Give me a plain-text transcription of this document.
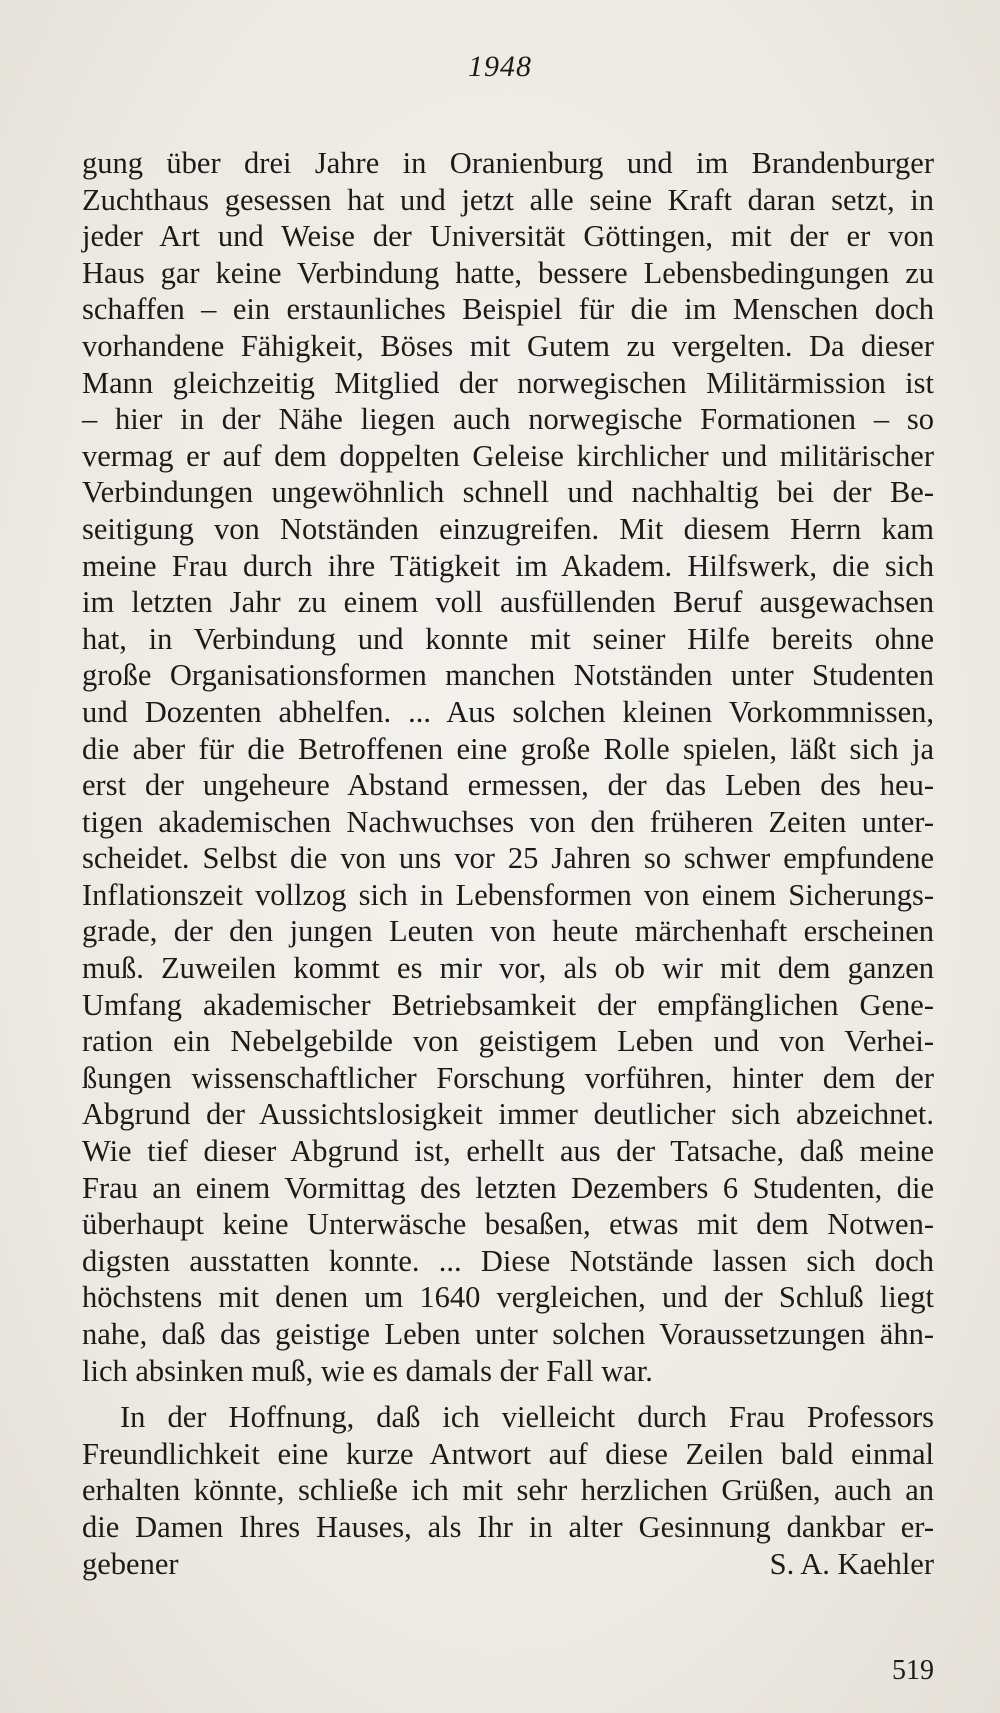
1948
gung über drei Jahre in Oranienburg und im Brandenburger
Zuchthaus gesessen hat und jetzt alle seine Kraft daran setzt, in
jeder Art und Weise der Universität Göttingen, mit der er von
Haus gar keine Verbindung hatte, bessere Lebensbedingungen zu
schaffen – ein erstaunliches Beispiel für die im Menschen doch
vorhandene Fähigkeit, Böses mit Gutem zu vergelten. Da dieser
Mann gleichzeitig Mitglied der norwegischen Militärmission ist
– hier in der Nähe liegen auch norwegische Formationen – so
vermag er auf dem doppelten Geleise kirchlicher und militärischer
Verbindungen ungewöhnlich schnell und nachhaltig bei der Be-
seitigung von Notständen einzugreifen. Mit diesem Herrn kam
meine Frau durch ihre Tätigkeit im Akadem. Hilfswerk, die sich
im letzten Jahr zu einem voll ausfüllenden Beruf ausgewachsen
hat, in Verbindung und konnte mit seiner Hilfe bereits ohne
große Organisationsformen manchen Notständen unter Studenten
und Dozenten abhelfen. ... Aus solchen kleinen Vorkommnissen,
die aber für die Betroffenen eine große Rolle spielen, läßt sich ja
erst der ungeheure Abstand ermessen, der das Leben des heu-
tigen akademischen Nachwuchses von den früheren Zeiten unter-
scheidet. Selbst die von uns vor 25 Jahren so schwer empfundene
Inflationszeit vollzog sich in Lebensformen von einem Sicherungs-
grade, der den jungen Leuten von heute märchenhaft erscheinen
muß. Zuweilen kommt es mir vor, als ob wir mit dem ganzen
Umfang akademischer Betriebsamkeit der empfänglichen Gene-
ration ein Nebelgebilde von geistigem Leben und von Verhei-
ßungen wissenschaftlicher Forschung vorführen, hinter dem der
Abgrund der Aussichtslosigkeit immer deutlicher sich abzeichnet.
Wie tief dieser Abgrund ist, erhellt aus der Tatsache, daß meine
Frau an einem Vormittag des letzten Dezembers 6 Studenten, die
überhaupt keine Unterwäsche besaßen, etwas mit dem Notwen-
digsten ausstatten konnte. ... Diese Notstände lassen sich doch
höchstens mit denen um 1640 vergleichen, und der Schluß liegt
nahe, daß das geistige Leben unter solchen Voraussetzungen ähn-
lich absinken muß, wie es damals der Fall war.
In der Hoffnung, daß ich vielleicht durch Frau Professors
Freundlichkeit eine kurze Antwort auf diese Zeilen bald einmal
erhalten könnte, schließe ich mit sehr herzlichen Grüßen, auch an
die Damen Ihres Hauses, als Ihr in alter Gesinnung dankbar er-
gebener	S. A. Kaehler
519
